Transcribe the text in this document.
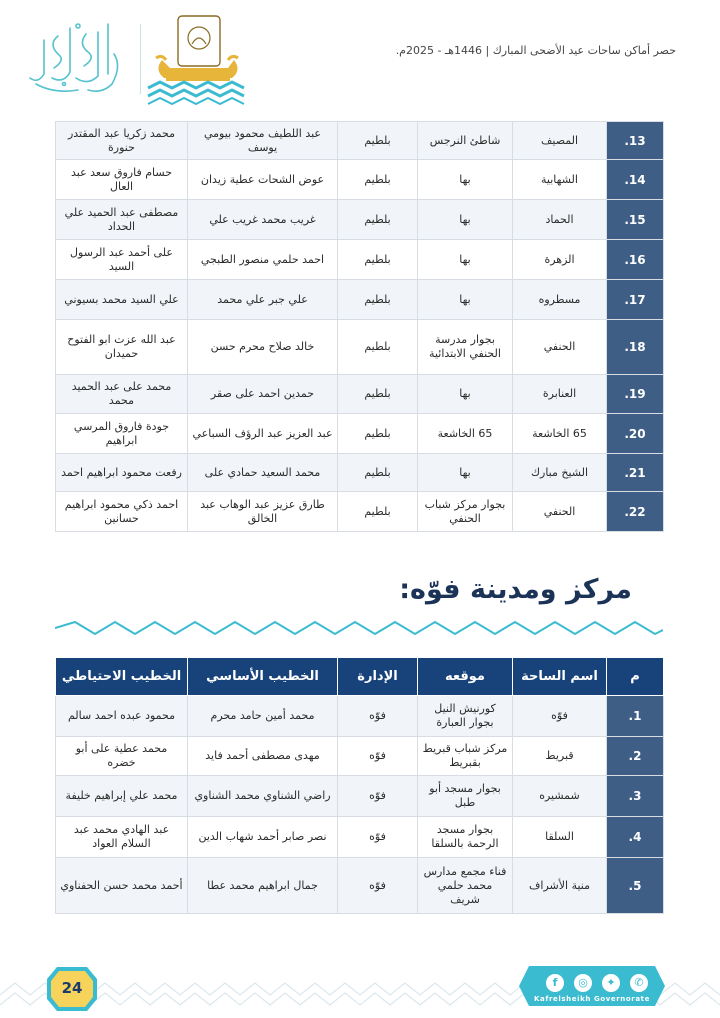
حصر أماكن ساحات عيد الأضحى المبارك | 1446هـ - 2025م.
13.	المصيف	شاطئ النرجس	بلطيم	عبد اللطيف محمود بيومي يوسف	محمد زكريا عبد المقتدر حنورة
14.	الشهابية	بها	بلطيم	عوض الشحات عطية زيدان	حسام فاروق سعد عبد العال
15.	الحماد	بها	بلطيم	غريب محمد غريب علي	مصطفى عبد الحميد علي الحداد
16.	الزهرة	بها	بلطيم	احمد حلمي منصور الطبجي	على أحمد عبد الرسول السيد
17.	مسطروه	بها	بلطيم	علي جبر علي محمد	علي السيد محمد بسيوني
18.	الحنفي	بجوار مدرسة الحنفي الابتدائية	بلطيم	خالد صلاح محرم حسن	عبد الله عزت ابو الفتوح حميدان
19.	العنابرة	بها	بلطيم	حمدين احمد على صقر	محمد على عبد الحميد محمد
20.	65 الخاشعة	65 الخاشعة	بلطيم	عبد العزيز عبد الرؤف السباعي	جودة فاروق المرسي ابراهيم
21.	الشيخ مبارك	بها	بلطيم	محمد السعيد حمادي على	رفعت محمود ابراهيم احمد
22.	الحنفي	بجوار مركز شباب الحنفي	بلطيم	طارق عزيز عبد الوهاب عبد الخالق	احمد ذكي محمود ابراهيم حسانين
مركز ومدينة فوّه:
م	اسم الساحة	موقعه	الإدارة	الخطيب الأساسي	الخطيب الاحتياطي
1.	فوّه	كورنيش النيل بجوار العبارة	فوّه	محمد أمين حامد محرم	محمود عبده احمد سالم
2.	قبريط	مركز شباب قبريط بقبريط	فوّه	مهدى مصطفى أحمد فايد	محمد عطية على أبو خضره
3.	شمشيره	بجوار مسجد أبو طبل	فوّه	راضي الشناوي محمد الشناوي	محمد علي إبراهيم خليفة
4.	السلقا	بجوار مسجد الرحمة بالسلقا	فوّه	نصر صابر أحمد شهاب الدين	عبد الهادي محمد عبد السلام العواد
5.	منية الأشراف	فناء مجمع مدارس محمد حلمي شريف	فوّه	جمال ابراهيم محمد عطا	أحمد محمد حسن الحفناوي
24	f	◎	✦	✆
Kafrelsheikh Governorate
